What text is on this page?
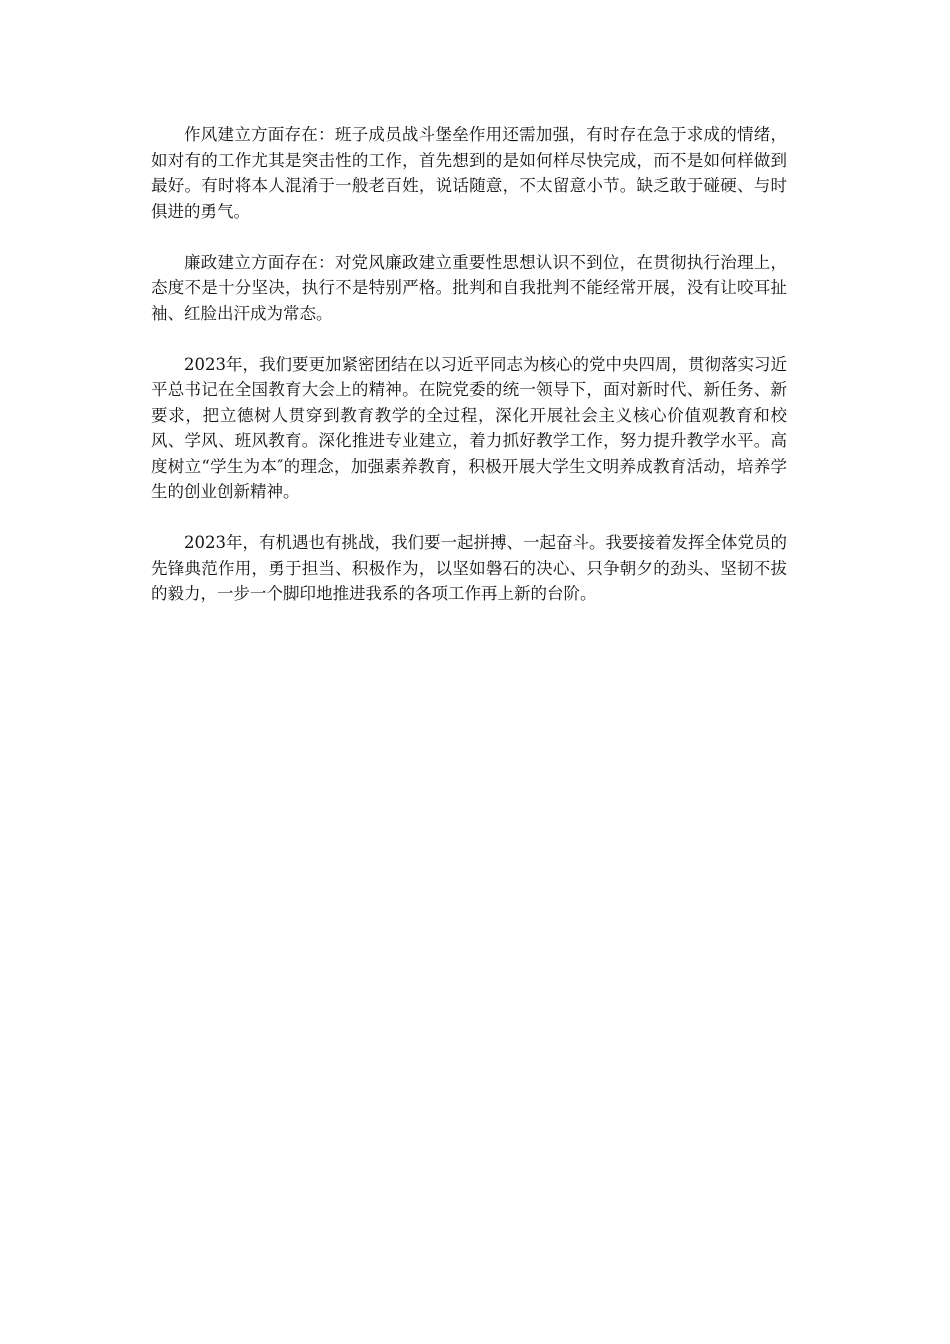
作风建立方面存在：班子成员战斗堡垒作用还需加强，有时存在急于求成的情绪，如对有的工作尤其是突击性的工作，首先想到的是如何样尽快完成，而不是如何样做到最好。有时将本人混淆于一般老百姓，说话随意，不太留意小节。缺乏敢于碰硬、与时俱进的勇气。

廉政建立方面存在：对党风廉政建立重要性思想认识不到位，在贯彻执行治理上，态度不是十分坚决，执行不是特别严格。批判和自我批判不能经常开展，没有让咬耳扯袖、红脸出汗成为常态。

2023年，我们要更加紧密团结在以习近平同志为核心的党中央四周，贯彻落实习近平总书记在全国教育大会上的精神。在院党委的统一领导下，面对新时代、新任务、新要求，把立德树人贯穿到教育教学的全过程，深化开展社会主义核心价值观教育和校风、学风、班风教育。深化推进专业建立，着力抓好教学工作，努力提升教学水平。高度树立“学生为本″的理念，加强素养教育，积极开展大学生文明养成教育活动，培养学生的创业创新精神。

2023年，有机遇也有挑战，我们要一起拼搏、一起奋斗。我要接着发挥全体党员的先锋典范作用，勇于担当、积极作为，以坚如磐石的决心、只争朝夕的劲头、坚韧不拔的毅力，一步一个脚印地推进我系的各项工作再上新的台阶。
